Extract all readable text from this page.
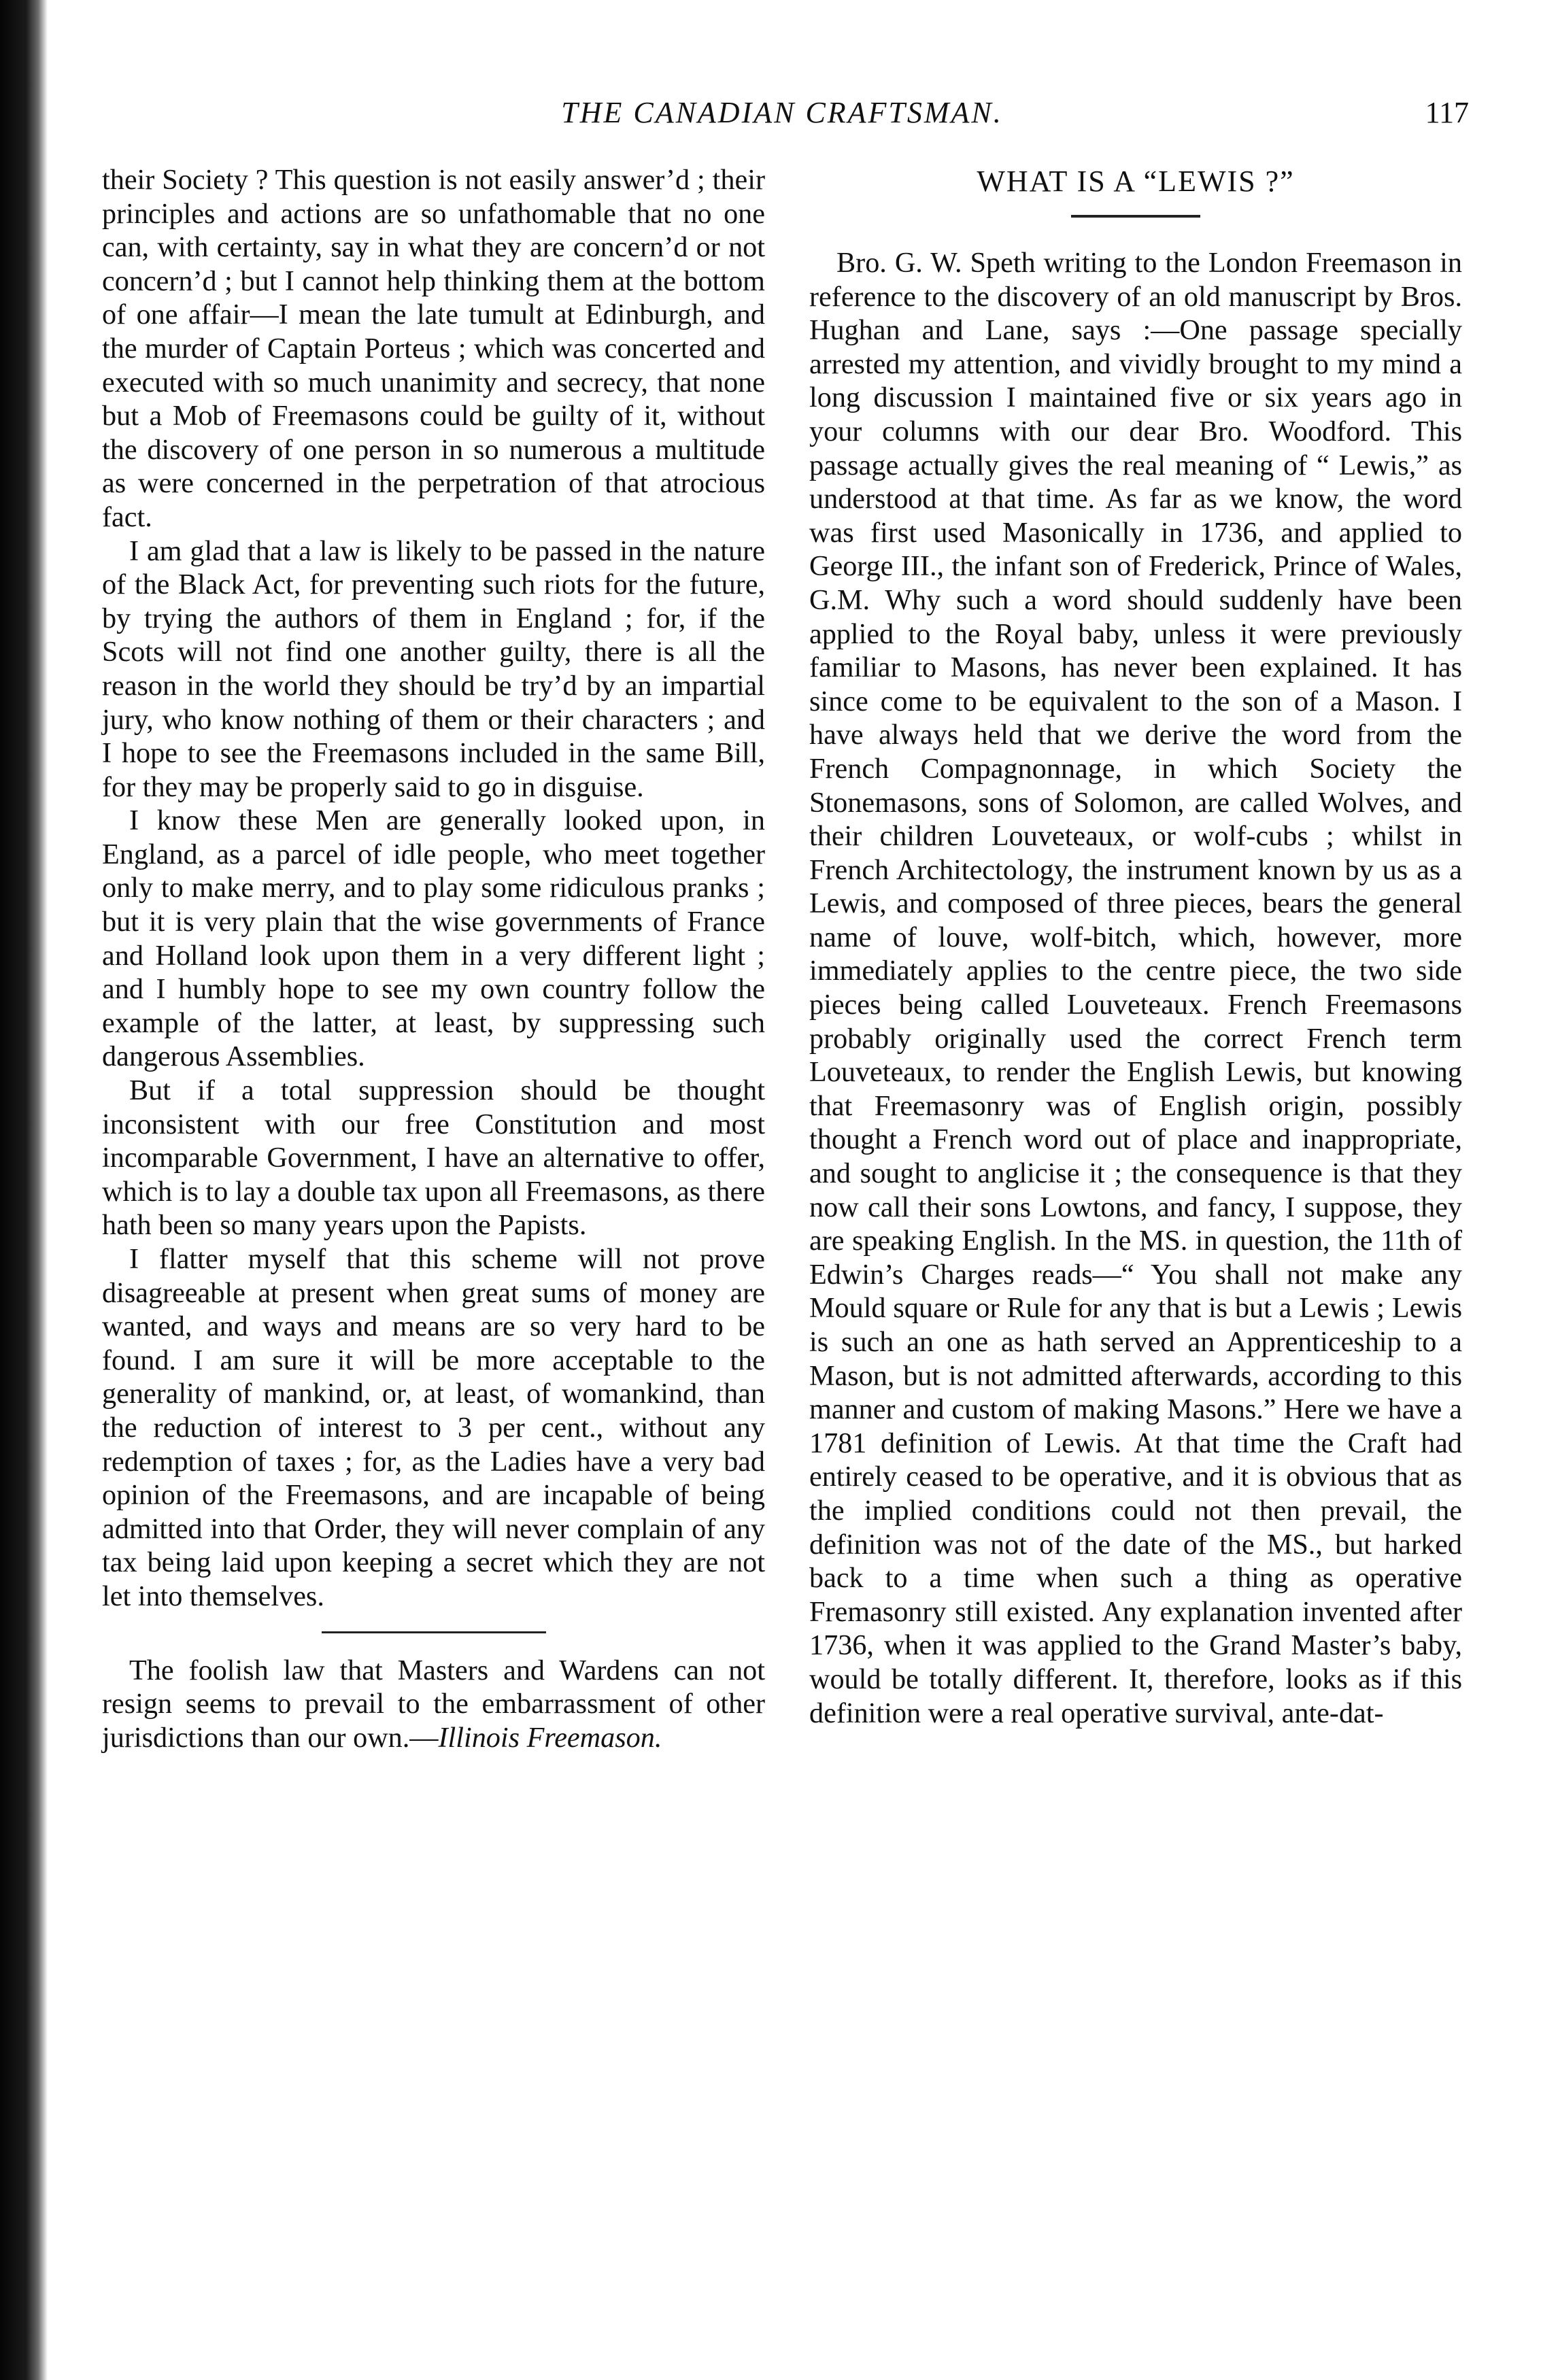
THE CANADIAN CRAFTSMAN.	117

their Society ? This question is not easily answer’d ; their principles and actions are so unfathomable that no one can, with certainty, say in what they are concern’d or not concern’d ; but I cannot help thinking them at the bottom of one affair—I mean the late tumult at Edinburgh, and the murder of Captain Porteus ; which was concerted and executed with so much unanimity and secrecy, that none but a Mob of Freemasons could be guilty of it, without the discovery of one person in so numerous a multitude as were concerned in the perpetration of that atrocious fact.

I am glad that a law is likely to be passed in the nature of the Black Act, for preventing such riots for the future, by trying the authors of them in England ; for, if the Scots will not find one another guilty, there is all the reason in the world they should be try’d by an impartial jury, who know nothing of them or their characters ; and I hope to see the Freemasons included in the same Bill, for they may be properly said to go in disguise.

I know these Men are generally looked upon, in England, as a parcel of idle people, who meet together only to make merry, and to play some ridiculous pranks ; but it is very plain that the wise governments of France and Holland look upon them in a very different light ; and I humbly hope to see my own country follow the example of the latter, at least, by suppressing such dangerous Assemblies.

But if a total suppression should be thought inconsistent with our free Constitution and most incomparable Government, I have an alternative to offer, which is to lay a double tax upon all Freemasons, as there hath been so many years upon the Papists.

I flatter myself that this scheme will not prove disagreeable at present when great sums of money are wanted, and ways and means are so very hard to be found. I am sure it will be more acceptable to the generality of mankind, or, at least, of womankind, than the reduction of interest to 3 per cent., without any redemption of taxes ; for, as the Ladies have a very bad opinion of the Freemasons, and are incapable of being admitted into that Order, they will never complain of any tax being laid upon keeping a secret which they are not let into themselves.

The foolish law that Masters and Wardens can not resign seems to prevail to the embarrassment of other jurisdictions than our own.—Illinois Freemason.

WHAT IS A “LEWIS ?”

Bro. G. W. Speth writing to the London Freemason in reference to the discovery of an old manuscript by Bros. Hughan and Lane, says :—One passage specially arrested my attention, and vividly brought to my mind a long discussion I maintained five or six years ago in your columns with our dear Bro. Woodford. This passage actually gives the real meaning of “ Lewis,” as understood at that time. As far as we know, the word was first used Masonically in 1736, and applied to George III., the infant son of Frederick, Prince of Wales, G.M. Why such a word should suddenly have been applied to the Royal baby, unless it were previously familiar to Masons, has never been explained. It has since come to be equivalent to the son of a Mason. I have always held that we derive the word from the French Compagnonnage, in which Society the Stonemasons, sons of Solomon, are called Wolves, and their children Louveteaux, or wolf-cubs ; whilst in French Architectology, the instrument known by us as a Lewis, and composed of three pieces, bears the general name of louve, wolf-bitch, which, however, more immediately applies to the centre piece, the two side pieces being called Louveteaux. French Freemasons probably originally used the correct French term Louveteaux, to render the English Lewis, but knowing that Freemasonry was of English origin, possibly thought a French word out of place and inappropriate, and sought to anglicise it ; the consequence is that they now call their sons Lowtons, and fancy, I suppose, they are speaking English. In the MS. in question, the 11th of Edwin’s Charges reads—“ You shall not make any Mould square or Rule for any that is but a Lewis ; Lewis is such an one as hath served an Apprenticeship to a Mason, but is not admitted afterwards, according to this manner and custom of making Masons.” Here we have a 1781 definition of Lewis. At that time the Craft had entirely ceased to be operative, and it is obvious that as the implied conditions could not then prevail, the definition was not of the date of the MS., but harked back to a time when such a thing as operative Fremasonry still existed. Any explanation invented after 1736, when it was applied to the Grand Master’s baby, would be totally different. It, therefore, looks as if this definition were a real operative survival, ante-dat-
